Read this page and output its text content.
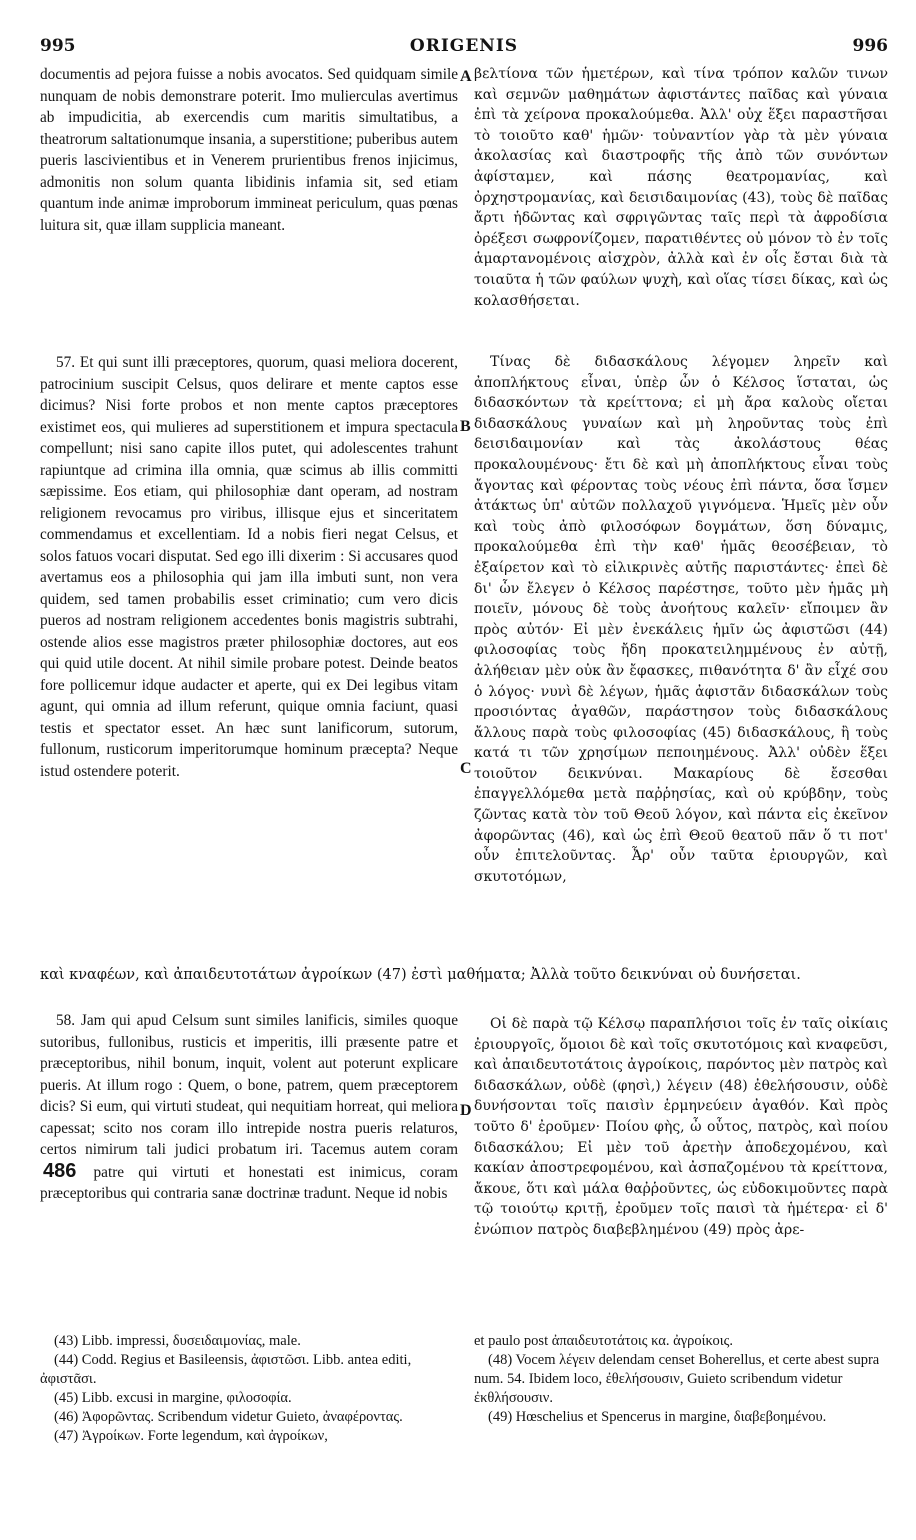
995	ORIGENIS	996

documentis ad pejora fuisse a nobis avocatos. Sed quidquam simile nunquam de nobis demonstrare poterit. Imo mulierculas avertimus ab impudicitia, ab exercendis cum maritis simultatibus, a theatrorum saltationumque insania, a superstitione; puberibus autem pueris lascivientibus et in Venerem prurientibus frenos injicimus, admonitis non solum quanta libidinis infamia sit, sed etiam quantum inde animæ improborum immineat periculum, quas pœnas luitura sit, quæ illam supplicia maneant.

57. Et qui sunt illi præceptores, quorum, quasi meliora docerent, patrocinium suscipit Celsus, quos delirare et mente captos esse dicimus? Nisi forte probos et non mente captos præceptores existimet eos, qui mulieres ad superstitionem et impura spectacula compellunt; nisi sano capite illos putet, qui adolescentes trahunt rapiuntque ad crimina illa omnia, quæ scimus ab illis committi sæpissime. Eos etiam, qui philosophiæ dant operam, ad nostram religionem revocamus pro viribus, illisque ejus et sinceritatem commendamus et excellentiam. Id a nobis fieri negat Celsus, et solos fatuos vocari disputat. Sed ego illi dixerim : Si accusares quod avertamus eos a philosophia qui jam illa imbuti sunt, non vera quidem, sed tamen probabilis esset criminatio; cum vero dicis pueros ad nostram religionem accedentes bonis magistris subtrahi, ostende alios esse magistros præter philosophiæ doctores, aut eos qui quid utile docent. At nihil simile probare potest. Deinde beatos fore pollicemur idque audacter et aperte, qui ex Dei legibus vitam agunt, qui omnia ad illum referunt, quique omnia faciunt, quasi testis et spectator esset. An hæc sunt lanificorum, sutorum, fullonum, rusticorum imperitorumque hominum præcepta? Neque istud ostendere poterit.

58. Jam qui apud Celsum sunt similes lanificis, similes quoque sutoribus, fullonibus, rusticis et imperitis, illi præsente patre et præceptoribus, nihil bonum, inquit, volent aut poterunt explicare pueris. At illum rogo : Quem, o bone, patrem, quem præceptorem dicis? Si eum, qui virtuti studeat, qui nequitiam horreat, qui meliora capessat; scito nos coram illo intrepide nostra pueris relaturos, certos nimirum tali judici probatum iri. Tacemus autem coram 486 patre qui virtuti et honestati est inimicus, coram præceptoribus qui contraria sanæ doctrinæ tradunt. Neque id nobis

A
B
C
D

βελτίονα τῶν ἡμετέρων, καὶ τίνα τρόπον καλῶν τινων καὶ σεμνῶν μαθημάτων ἀφιστάντες παῖδας καὶ γύναια ἐπὶ τὰ χείρονα προκαλούμεθα. Ἀλλ' οὐχ ἕξει παραστῆσαι τὸ τοιοῦτο καθ' ἡμῶν· τοὐναντίον γὰρ τὰ μὲν γύναια ἀκολασίας καὶ διαστροφῆς τῆς ἀπὸ τῶν συνόντων ἀφίσταμεν, καὶ πάσης θεατρομανίας, καὶ ὀρχηστρομανίας, καὶ δεισιδαιμονίας (43), τοὺς δὲ παῖδας ἄρτι ἡδῶντας καὶ σφριγῶντας ταῖς περὶ τὰ ἀφροδίσια ὀρέξεσι σωφρονίζομεν, παρατιθέντες οὐ μόνον τὸ ἐν τοῖς ἁμαρτανομένοις αἰσχρὸν, ἀλλὰ καὶ ἐν οἷς ἔσται διὰ τὰ τοιαῦτα ἡ τῶν φαύλων ψυχὴ, καὶ οἵας τίσει δίκας, καὶ ὡς κολασθήσεται.

Τίνας δὲ διδασκάλους λέγομεν ληρεῖν καὶ ἀποπλήκτους εἶναι, ὑπὲρ ὧν ὁ Κέλσος ἵσταται, ὡς διδασκόντων τὰ κρείττονα; εἰ μὴ ἄρα καλοὺς οἴεται διδασκάλους γυναίων καὶ μὴ ληροῦντας τοὺς ἐπὶ δεισιδαιμονίαν καὶ τὰς ἀκολάστους θέας προκαλουμένους· ἔτι δὲ καὶ μὴ ἀποπλήκτους εἶναι τοὺς ἄγοντας καὶ φέροντας τοὺς νέους ἐπὶ πάντα, ὅσα ἴσμεν ἀτάκτως ὑπ' αὐτῶν πολλαχοῦ γιγνόμενα. Ἡμεῖς μὲν οὖν καὶ τοὺς ἀπὸ φιλοσόφων δογμάτων, ὅση δύναμις, προκαλούμεθα ἐπὶ τὴν καθ' ἡμᾶς θεοσέβειαν, τὸ ἐξαίρετον καὶ τὸ εἰλικρινὲς αὐτῆς παριστάντες· ἐπεὶ δὲ δι' ὧν ἔλεγεν ὁ Κέλσος παρέστησε, τοῦτο μὲν ἡμᾶς μὴ ποιεῖν, μόνους δὲ τοὺς ἀνοήτους καλεῖν· εἴποιμεν ἂν πρὸς αὐτόν· Εἰ μὲν ἐνεκάλεις ἡμῖν ὡς ἀφιστῶσι (44) φιλοσοφίας τοὺς ἤδη προκατειλημμένους ἐν αὐτῇ, ἀλήθειαν μὲν οὐκ ἂν ἔφασκες, πιθανότητα δ' ἂν εἶχέ σου ὁ λόγος· νυνὶ δὲ λέγων, ἡμᾶς ἀφιστᾶν διδασκάλων τοὺς προσιόντας ἀγαθῶν, παράστησον τοὺς διδασκάλους ἄλλους παρὰ τοὺς φιλοσοφίας (45) διδασκάλους, ἢ τοὺς κατά τι τῶν χρησίμων πεποιημένους. Ἀλλ' οὐδὲν ἕξει τοιοῦτον δεικνύναι. Μακαρίους δὲ ἔσεσθαι ἐπαγγελλόμεθα μετὰ παῤῥησίας, καὶ οὐ κρύβδην, τοὺς ζῶντας κατὰ τὸν τοῦ Θεοῦ λόγον, καὶ πάντα εἰς ἐκεῖνον ἀφορῶντας (46), καὶ ὡς ἐπὶ Θεοῦ θεατοῦ πᾶν ὅ τι ποτ' οὖν ἐπιτελοῦντας. Ἆρ' οὖν ταῦτα ἐριουργῶν, καὶ σκυτοτόμων,

καὶ κναφέων, καὶ ἀπαιδευτοτάτων ἀγροίκων (47) ἐστὶ μαθήματα; Ἀλλὰ τοῦτο δεικνύναι οὐ δυνήσεται.

Οἱ δὲ παρὰ τῷ Κέλσῳ παραπλήσιοι τοῖς ἐν ταῖς οἰκίαις ἐριουργοῖς, ὅμοιοι δὲ καὶ τοῖς σκυτοτόμοις καὶ κναφεῦσι, καὶ ἀπαιδευτοτάτοις ἀγροίκοις, παρόντος μὲν πατρὸς καὶ διδασκάλων, οὐδὲ (φησὶ,) λέγειν (48) ἐθελήσουσιν, οὐδὲ δυνήσονται τοῖς παισὶν ἑρμηνεύειν ἀγαθόν. Καὶ πρὸς τοῦτο δ' ἐροῦμεν· Ποίου φὴς, ὦ οὗτος, πατρὸς, καὶ ποίου διδασκάλου; Εἰ μὲν τοῦ ἀρετὴν ἀποδεχομένου, καὶ κακίαν ἀποστρεφομένου, καὶ ἀσπαζομένου τὰ κρείττονα, ἄκουε, ὅτι καὶ μάλα θαῤῥοῦντες, ὡς εὐδοκιμοῦντες παρὰ τῷ τοιούτῳ κριτῇ, ἐροῦμεν τοῖς παισὶ τὰ ἡμέτερα· εἰ δ' ἐνώπιον πατρὸς διαβεβλημένου (49) πρὸς ἀρε-

(43) Libb. impressi, δυσειδαιμονίας, male.

(44) Codd. Regius et Basileensis, ἀφιστῶσι. Libb. antea editi, ἀφιστᾶσι.

(45) Libb. excusi in margine, φιλοσοφία.

(46) Ἀφορῶντας. Scribendum videtur Guieto, ἀναφέροντας.

(47) Ἀγροίκων. Forte legendum, καὶ ἀγροίκων,

et paulo post ἀπαιδευτοτάτοις κα. ἀγροίκοις.

(48) Vocem λέγειν delendam censet Boherellus, et certe abest supra num. 54. Ibidem loco, ἐθελήσουσιν, Guieto scribendum videtur ἐκθλήσουσιν.

(49) Hœschelius et Spencerus in margine, διαβεβοημένου.
